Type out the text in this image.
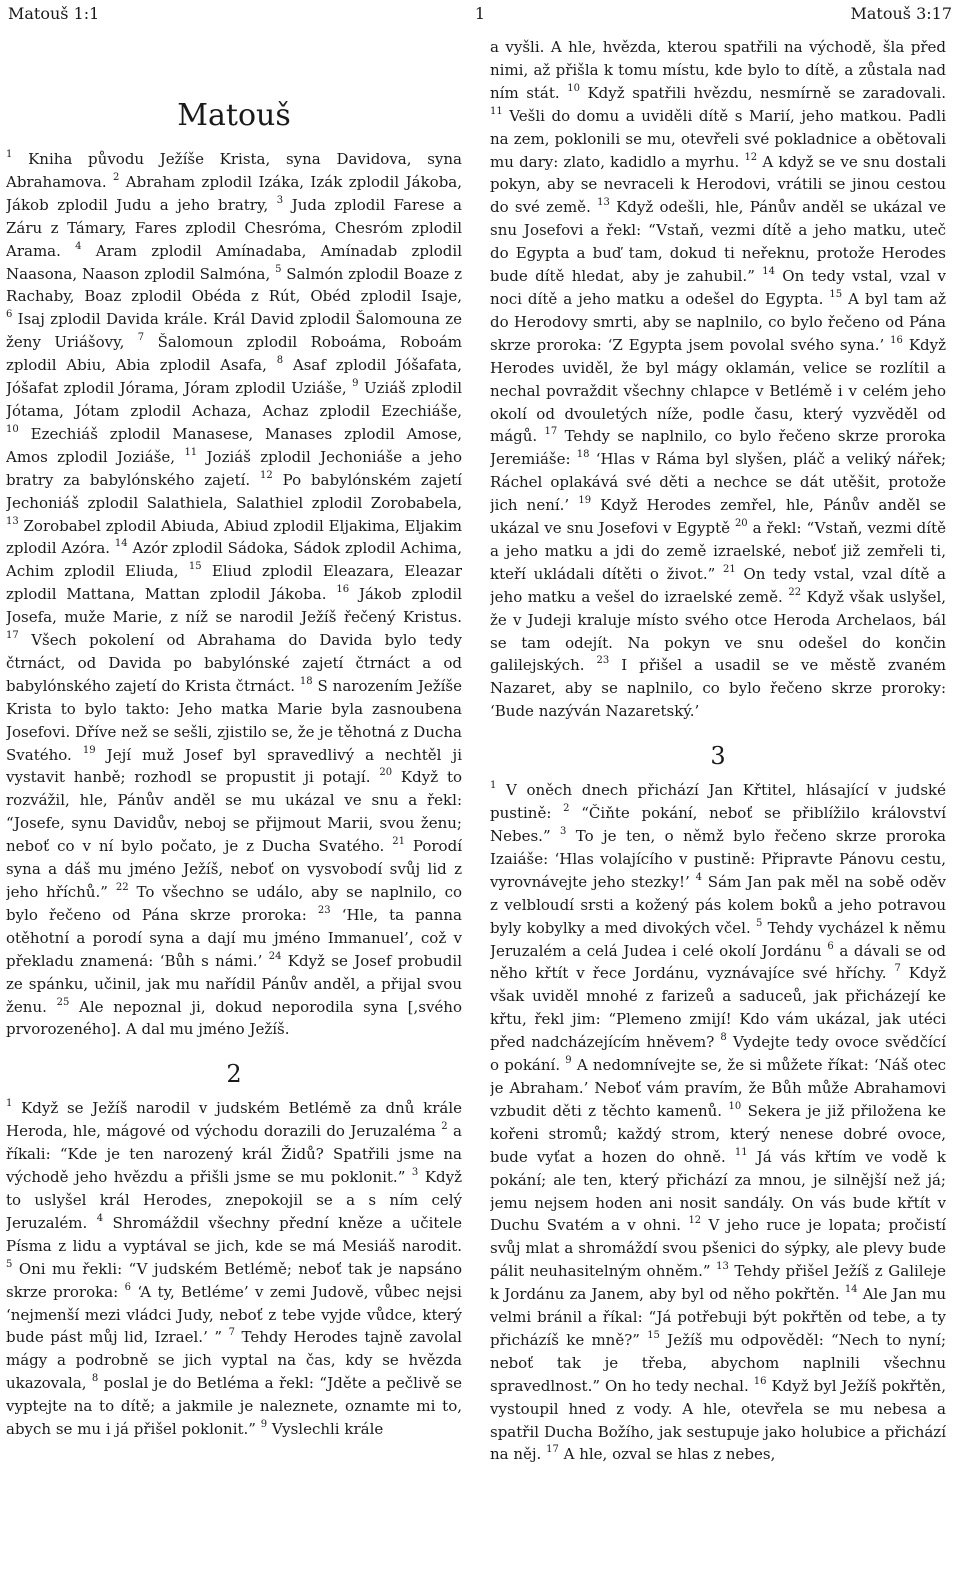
Matouš 1:1	1	Matouš 3:17
Matouš

$^1$ Kniha původu Ježíše Krista, syna Davidova, syna Abrahamova. $^2$ Abraham zplodil Izáka, Izák zplodil Jákoba, Jákob zplodil Judu a jeho bratry, $^3$ Juda zplodil Farese a Záru z Támary, Fares zplodil Chesróma, Chesróm zplodil Arama. $^4$ Aram zplodil Amínadaba, Amínadab zplodil Naasona, Naason zplodil Salmóna, $^5$ Salmón zplodil Boaze z Rachaby, Boaz zplodil Obéda z Rút, Obéd zplodil Isaje, $^6$ Isaj zplodil Davida krále. Král David zplodil Šalomouna ze ženy Uriášovy, $^7$ Šalomoun zplodil Roboáma, Roboám zplodil Abiu, Abia zplodil Asafa, $^8$ Asaf zplodil Jóšafata, Jóšafat zplodil Jórama, Jóram zplodil Uziáše, $^9$ Uziáš zplodil Jótama, Jótam zplodil Achaza, Achaz zplodil Ezechiáše, $^{10}$ Ezechiáš zplodil Manasese, Manases zplodil Amose, Amos zplodil Joziáše, $^{11}$ Joziáš zplodil Jechoniáše a jeho bratry za babylónského zajetí. $^{12}$ Po babylónském zajetí Jechoniáš zplodil Salathiela, Salathiel zplodil Zorobabela, $^{13}$ Zorobabel zplodil Abiuda, Abiud zplodil Eljakima, Eljakim zplodil Azóra. $^{14}$ Azór zplodil Sádoka, Sádok zplodil Achima, Achim zplodil Eliuda, $^{15}$ Eliud zplodil Eleazara, Eleazar zplodil Mattana, Mattan zplodil Jákoba. $^{16}$ Jákob zplodil Josefa, muže Marie, z níž se narodil Ježíš řečený Kristus. $^{17}$ Všech pokolení od Abrahama do Davida bylo tedy čtrnáct, od Davida po babylónské zajetí čtrnáct a od babylónského zajetí do Krista čtrnáct. $^{18}$ S narozením Ježíše Krista to bylo takto: Jeho matka Marie byla zasnoubena Josefovi. Dříve než se sešli, zjistilo se, že je těhotná z Ducha Svatého. $^{19}$ Její muž Josef byl spravedlivý a nechtěl ji vystavit hanbě; rozhodl se propustit ji potají. $^{20}$ Když to rozvážil, hle, Pánův anděl se mu ukázal ve snu a řekl: “Josefe, synu Davidův, neboj se přijmout Marii, svou ženu; neboť co v ní bylo počato, je z Ducha Svatého. $^{21}$ Porodí syna a dáš mu jméno Ježíš, neboť on vysvobodí svůj lid z jeho hříchů.” $^{22}$ To všechno se událo, aby se naplnilo, co bylo řečeno od Pána skrze proroka: $^{23}$ ‘Hle, ta panna otěhotní a porodí syna a dají mu jméno Immanuel’, což v překladu znamená: ‘Bůh s námi.’ $^{24}$ Když se Josef probudil ze spánku, učinil, jak mu nařídil Pánův anděl, a přijal svou ženu. $^{25}$ Ale nepoznal ji, dokud neporodila syna [,svého prvorozeného]. A dal mu jméno Ježíš.

2

$^1$ Když se Ježíš narodil v judském Betlémě za dnů krále Heroda, hle, mágové od východu dorazili do Jeruzaléma $^2$ a říkali: “Kde je ten narozený král Židů? Spatřili jsme na východě jeho hvězdu a přišli jsme se mu poklonit.” $^3$ Když to uslyšel král Herodes, znepokojil se a s ním celý Jeruzalém. $^4$ Shromáždil všechny přední kněze a učitele Písma z lidu a vyptával se jich, kde se má Mesiáš narodit. $^5$ Oni mu řekli: “V judském Betlémě; neboť tak je napsáno skrze proroka: $^6$ ‘A ty, Betléme’ v zemi Judově, vůbec nejsi ‘nejmenší mezi vládci Judy, neboť z tebe vyjde vůdce, který bude pást můj lid, Izrael.’ ” $^7$ Tehdy Herodes tajně zavolal mágy a podrobně se jich vyptal na čas, kdy se hvězda ukazovala, $^8$ poslal je do Betléma a řekl: “Jděte a pečlivě se vyptejte na to dítě; a jakmile je naleznete, oznamte mi to, abych se mu i já přišel poklonit.” $^9$ Vyslechli krále

a vyšli. A hle, hvězda, kterou spatřili na východě, šla před nimi, až přišla k tomu místu, kde bylo to dítě, a zůstala nad ním stát. $^{10}$ Když spatřili hvězdu, nesmírně se zaradovali. $^{11}$ Vešli do domu a uviděli dítě s Marií, jeho matkou. Padli na zem, poklonili se mu, otevřeli své pokladnice a obětovali mu dary: zlato, kadidlo a myrhu. $^{12}$ A když se ve snu dostali pokyn, aby se nevraceli k Herodovi, vrátili se jinou cestou do své země. $^{13}$ Když odešli, hle, Pánův anděl se ukázal ve snu Josefovi a řekl: “Vstaň, vezmi dítě a jeho matku, uteč do Egypta a buď tam, dokud ti neřeknu, protože Herodes bude dítě hledat, aby je zahubil.” $^{14}$ On tedy vstal, vzal v noci dítě a jeho matku a odešel do Egypta. $^{15}$ A byl tam až do Herodovy smrti, aby se naplnilo, co bylo řečeno od Pána skrze proroka: ‘Z Egypta jsem povolal svého syna.’ $^{16}$ Když Herodes uviděl, že byl mágy oklamán, velice se rozlítil a nechal povraždit všechny chlapce v Betlémě i v celém jeho okolí od dvouletých níže, podle času, který vyzvěděl od mágů. $^{17}$ Tehdy se naplnilo, co bylo řečeno skrze proroka Jeremiáše: $^{18}$ ‘Hlas v Ráma byl slyšen, pláč a veliký nářek; Ráchel oplakává své děti a nechce se dát utěšit, protože jich není.’ $^{19}$ Když Herodes zemřel, hle, Pánův anděl se ukázal ve snu Josefovi v Egyptě $^{20}$ a řekl: “Vstaň, vezmi dítě a jeho matku a jdi do země izraelské, neboť již zemřeli ti, kteří ukládali dítěti o život.” $^{21}$ On tedy vstal, vzal dítě a jeho matku a vešel do izraelské země. $^{22}$ Když však uslyšel, že v Judeji kraluje místo svého otce Heroda Archelaos, bál se tam odejít. Na pokyn ve snu odešel do končin galilejských. $^{23}$ I přišel a usadil se ve městě zvaném Nazaret, aby se naplnilo, co bylo řečeno skrze proroky: ‘Bude nazýván Nazaretský.’

3

$^1$ V oněch dnech přichází Jan Křtitel, hlásající v judské pustině: $^2$ “Čiňte pokání, neboť se přiblížilo království Nebes.” $^3$ To je ten, o němž bylo řečeno skrze proroka Izaiáše: ‘Hlas volajícího v pustině: Připravte Pánovu cestu, vyrovnávejte jeho stezky!’ $^4$ Sám Jan pak měl na sobě oděv z velbloudí srsti a kožený pás kolem boků a jeho potravou byly kobylky a med divokých včel. $^5$ Tehdy vycházel k němu Jeruzalém a celá Judea i celé okolí Jordánu $^6$ a dávali se od něho křtít v řece Jordánu, vyznávajíce své hříchy. $^7$ Když však uviděl mnohé z farizeů a saduceů, jak přicházejí ke křtu, řekl jim: “Plemeno zmijí! Kdo vám ukázal, jak utéci před nadcházejícím hněvem? $^8$ Vydejte tedy ovoce svědčící o pokání. $^9$ A nedomnívejte se, že si můžete říkat: ‘Náš otec je Abraham.’ Neboť vám pravím, že Bůh může Abrahamovi vzbudit děti z těchto kamenů. $^{10}$ Sekera je již přiložena ke kořeni stromů; každý strom, který nenese dobré ovoce, bude vyťat a hozen do ohně. $^{11}$ Já vás křtím ve vodě k pokání; ale ten, který přichází za mnou, je silnější než já; jemu nejsem hoden ani nosit sandály. On vás bude křtít v Duchu Svatém a v ohni. $^{12}$ V jeho ruce je lopata; pročistí svůj mlat a shromáždí svou pšenici do sýpky, ale plevy bude pálit neuhasitelným ohněm.” $^{13}$ Tehdy přišel Ježíš z Galileje k Jordánu za Janem, aby byl od něho pokřtěn. $^{14}$ Ale Jan mu velmi bránil a říkal: “Já potřebuji být pokřtěn od tebe, a ty přicházíš ke mně?” $^{15}$ Ježíš mu odpověděl: “Nech to nyní; neboť tak je třeba, abychom naplnili všechnu spravedlnost.” On ho tedy nechal. $^{16}$ Když byl Ježíš pokřtěn, vystoupil hned z vody. A hle, otevřela se mu nebesa a spatřil Ducha Božího, jak sestupuje jako holubice a přichází na něj. $^{17}$ A hle, ozval se hlas z nebes,
